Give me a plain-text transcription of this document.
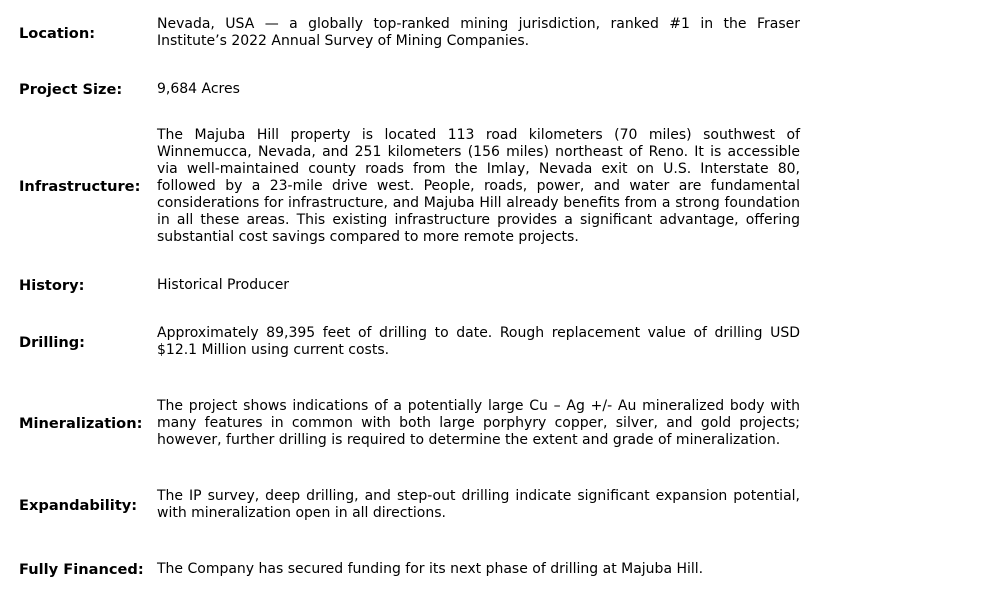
Location:
Nevada, USA — a globally top-ranked mining jurisdiction, ranked #1 in the Fraser Institute’s 2022 Annual Survey of Mining Companies.
Project Size:	9,684 Acres
Infrastructure:
The Majuba Hill property is located 113 road kilometers (70 miles) southwest of Winnemucca, Nevada, and 251 kilometers (156 miles) northeast of Reno. It is accessible via well-maintained county roads from the Imlay, Nevada exit on U.S. Interstate 80, followed by a 23-mile drive west. People, roads, power, and water are fundamental considerations for infrastructure, and Majuba Hill already benefits from a strong foundation in all these areas. This existing infrastructure provides a significant advantage, offering substantial cost savings compared to more remote projects.
History:	Historical Producer
Drilling:
Approximately 89,395 feet of drilling to date. Rough replacement value of drilling USD $12.1 Million using current costs.
Mineralization:
The project shows indications of a potentially large Cu – Ag +/- Au mineralized body with many features in common with both large porphyry copper, silver, and gold projects; however, further drilling is required to determine the extent and grade of mineralization.
Expandability:
The IP survey, deep drilling, and step-out drilling indicate significant expansion potential, with mineralization open in all directions.
Fully Financed: The Company has secured funding for its next phase of drilling at Majuba Hill.
